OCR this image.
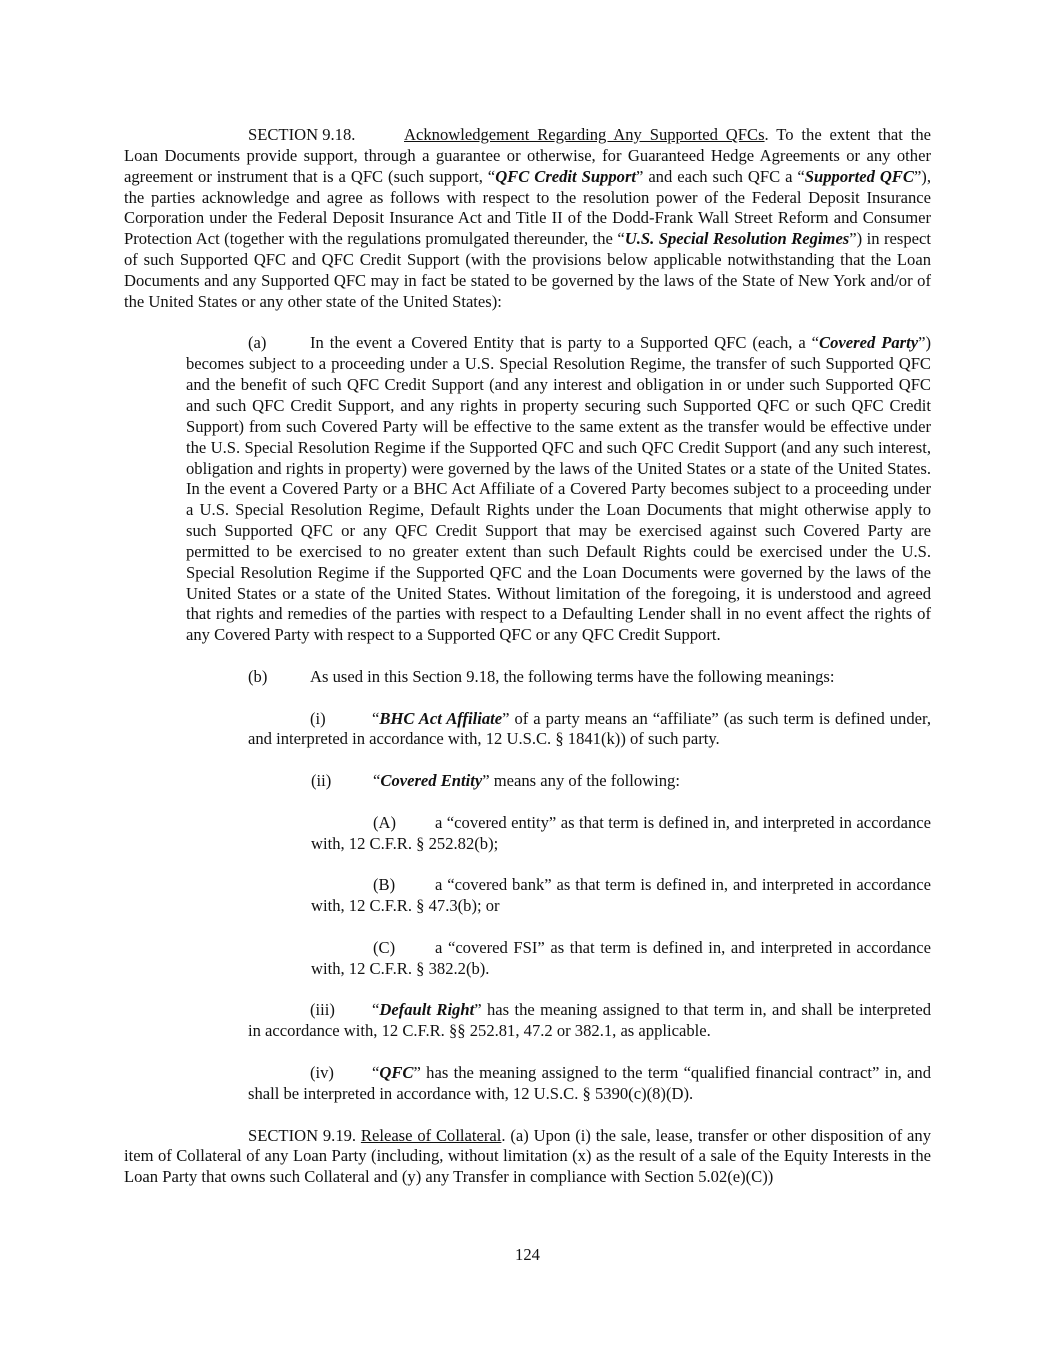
SECTION 9.18.	Acknowledgement Regarding Any Supported QFCs. To the extent that the Loan Documents provide support, through a guarantee or otherwise, for Guaranteed Hedge Agreements or any other agreement or instrument that is a QFC (such support, “QFC Credit Support” and each such QFC a “Supported QFC”), the parties acknowledge and agree as follows with respect to the resolution power of the Federal Deposit Insurance Corporation under the Federal Deposit Insurance Act and Title II of the Dodd-Frank Wall Street Reform and Consumer Protection Act (together with the regulations promulgated thereunder, the “U.S. Special Resolution Regimes”) in respect of such Supported QFC and QFC Credit Support (with the provisions below applicable notwithstanding that the Loan Documents and any Supported QFC may in fact be stated to be governed by the laws of the State of New York and/or of the United States or any other state of the United States):

(a)	In the event a Covered Entity that is party to a Supported QFC (each, a “Covered Party”) becomes subject to a proceeding under a U.S. Special Resolution Regime, the transfer of such Supported QFC and the benefit of such QFC Credit Support (and any interest and obligation in or under such Supported QFC and such QFC Credit Support, and any rights in property securing such Supported QFC or such QFC Credit Support) from such Covered Party will be effective to the same extent as the transfer would be effective under the U.S. Special Resolution Regime if the Supported QFC and such QFC Credit Support (and any such interest, obligation and rights in property) were governed by the laws of the United States or a state of the United States. In the event a Covered Party or a BHC Act Affiliate of a Covered Party becomes subject to a proceeding under a U.S. Special Resolution Regime, Default Rights under the Loan Documents that might otherwise apply to such Supported QFC or any QFC Credit Support that may be exercised against such Covered Party are permitted to be exercised to no greater extent than such Default Rights could be exercised under the U.S. Special Resolution Regime if the Supported QFC and the Loan Documents were governed by the laws of the United States or a state of the United States. Without limitation of the foregoing, it is understood and agreed that rights and remedies of the parties with respect to a Defaulting Lender shall in no event affect the rights of any Covered Party with respect to a Supported QFC or any QFC Credit Support.

(b)	As used in this Section 9.18, the following terms have the following meanings:

(i)	“BHC Act Affiliate” of a party means an “affiliate” (as such term is defined under, and interpreted in accordance with, 12 U.S.C. § 1841(k)) of such party.

(ii)	“Covered Entity” means any of the following:

(A) a “covered entity” as that term is defined in, and interpreted in accordance with, 12 C.F.R. § 252.82(b);

(B) a “covered bank” as that term is defined in, and interpreted in accordance with, 12 C.F.R. § 47.3(b); or

(C) a “covered FSI” as that term is defined in, and interpreted in accordance with, 12 C.F.R. § 382.2(b).

(iii) “Default Right” has the meaning assigned to that term in, and shall be interpreted in accordance with, 12 C.F.R. §§ 252.81, 47.2 or 382.1, as applicable.

(iv) “QFC” has the meaning assigned to the term “qualified financial contract” in, and shall be interpreted in accordance with, 12 U.S.C. § 5390(c)(8)(D).

SECTION 9.19. Release of Collateral. (a) Upon (i) the sale, lease, transfer or other disposition of any item of Collateral of any Loan Party (including, without limitation (x) as the result of a sale of the Equity Interests in the Loan Party that owns such Collateral and (y) any Transfer in compliance with Section 5.02(e)(C))

124
